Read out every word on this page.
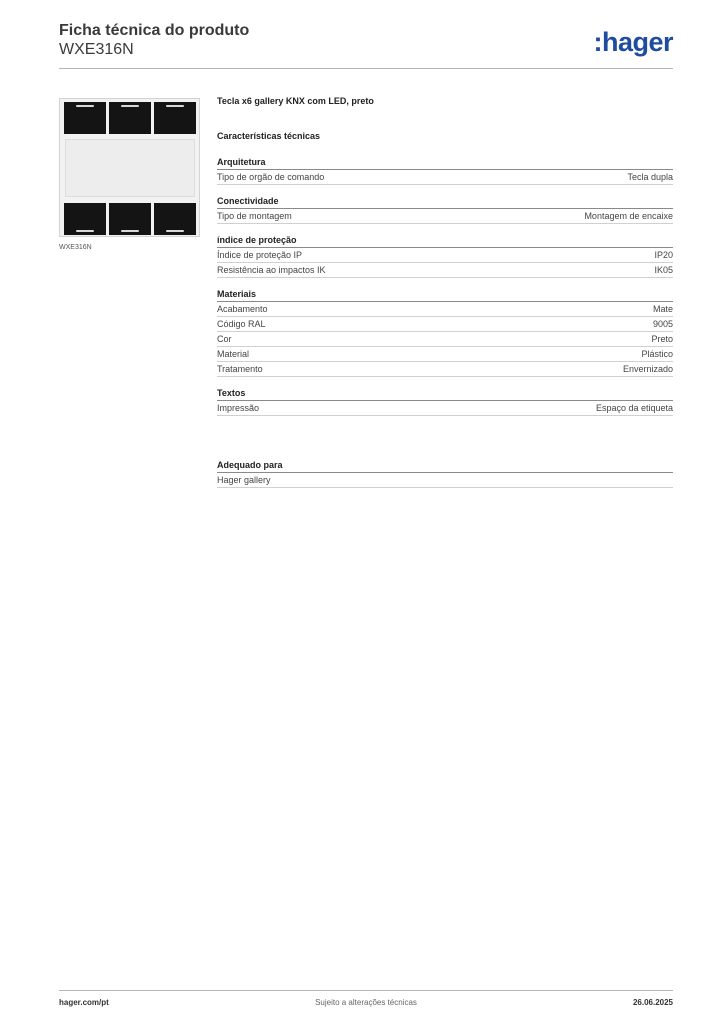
Ficha técnica do produto
WXE316N	:hager
WXE316N
Tecla x6 gallery KNX com LED, preto
Características técnicas
Arquitetura
Tipo de orgão de comando	Tecla dupla
Conectividade
Tipo de montagem	Montagem de encaixe
índice de proteção
Índice de proteção IP	IP20
Resistência ao impactos IK	IK05
Materiais
Acabamento	Mate
Código RAL	9005
Cor	Preto
Material	Plástico
Tratamento	Envernizado
Textos
Impressão	Espaço da etiqueta
Adequado para
Hager gallery
hager.com/pt	Sujeito a alterações técnicas	26.06.2025
